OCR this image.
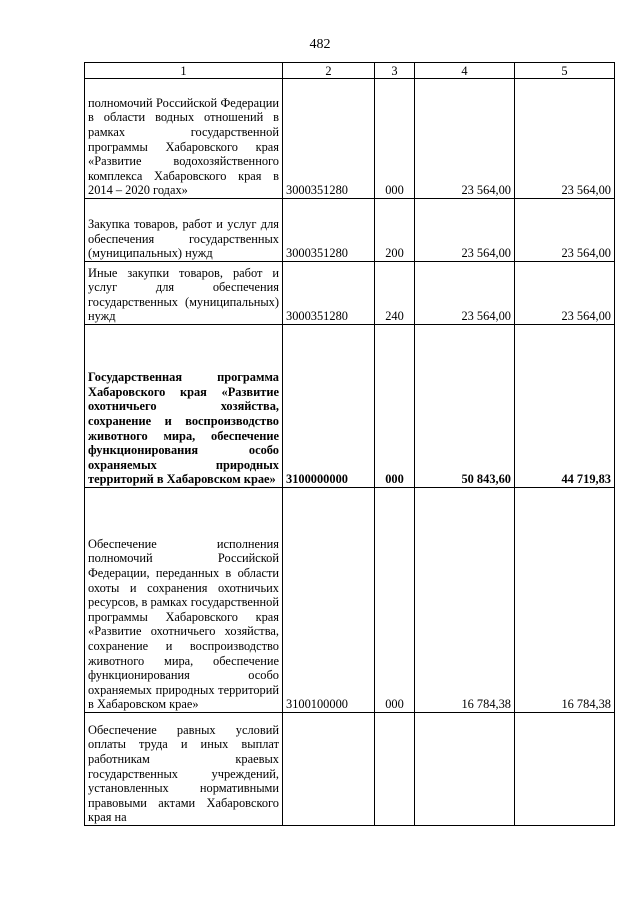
482
1	2	3	4	5
полномочий Российской Федерации в области водных отношений в рамках государственной программы Хабаровского края «Развитие водохозяйственного комплекса Хабаровского края в 2014 – 2020 годах»	3000351280	000	23 564,00	23 564,00
Закупка товаров, работ и услуг для обеспечения государственных (муниципальных) нужд	3000351280	200	23 564,00	23 564,00
Иные закупки товаров, работ и услуг для обеспечения государственных (муниципальных) нужд	3000351280	240	23 564,00	23 564,00
Государственная программа Хабаровского края «Развитие охотничьего хозяйства, сохранение и воспроизводство животного мира, обеспечение функционирования особо охраняемых природных территорий в Хабаровском крае»	3100000000	000	50 843,60	44 719,83
Обеспечение исполнения полномочий Российской Федерации, переданных в области охоты и сохранения охотничьих ресурсов, в рамках государственной программы Хабаровского края «Развитие охотничьего хозяйства, сохранение и воспроизводство животного мира, обеспечение функционирования особо охраняемых природных территорий в Хабаровском крае»	3100100000	000	16 784,38	16 784,38
Обеспечение равных условий оплаты труда и иных выплат работникам краевых государственных учреждений, установленных нормативными правовыми актами Хабаровского края на				
